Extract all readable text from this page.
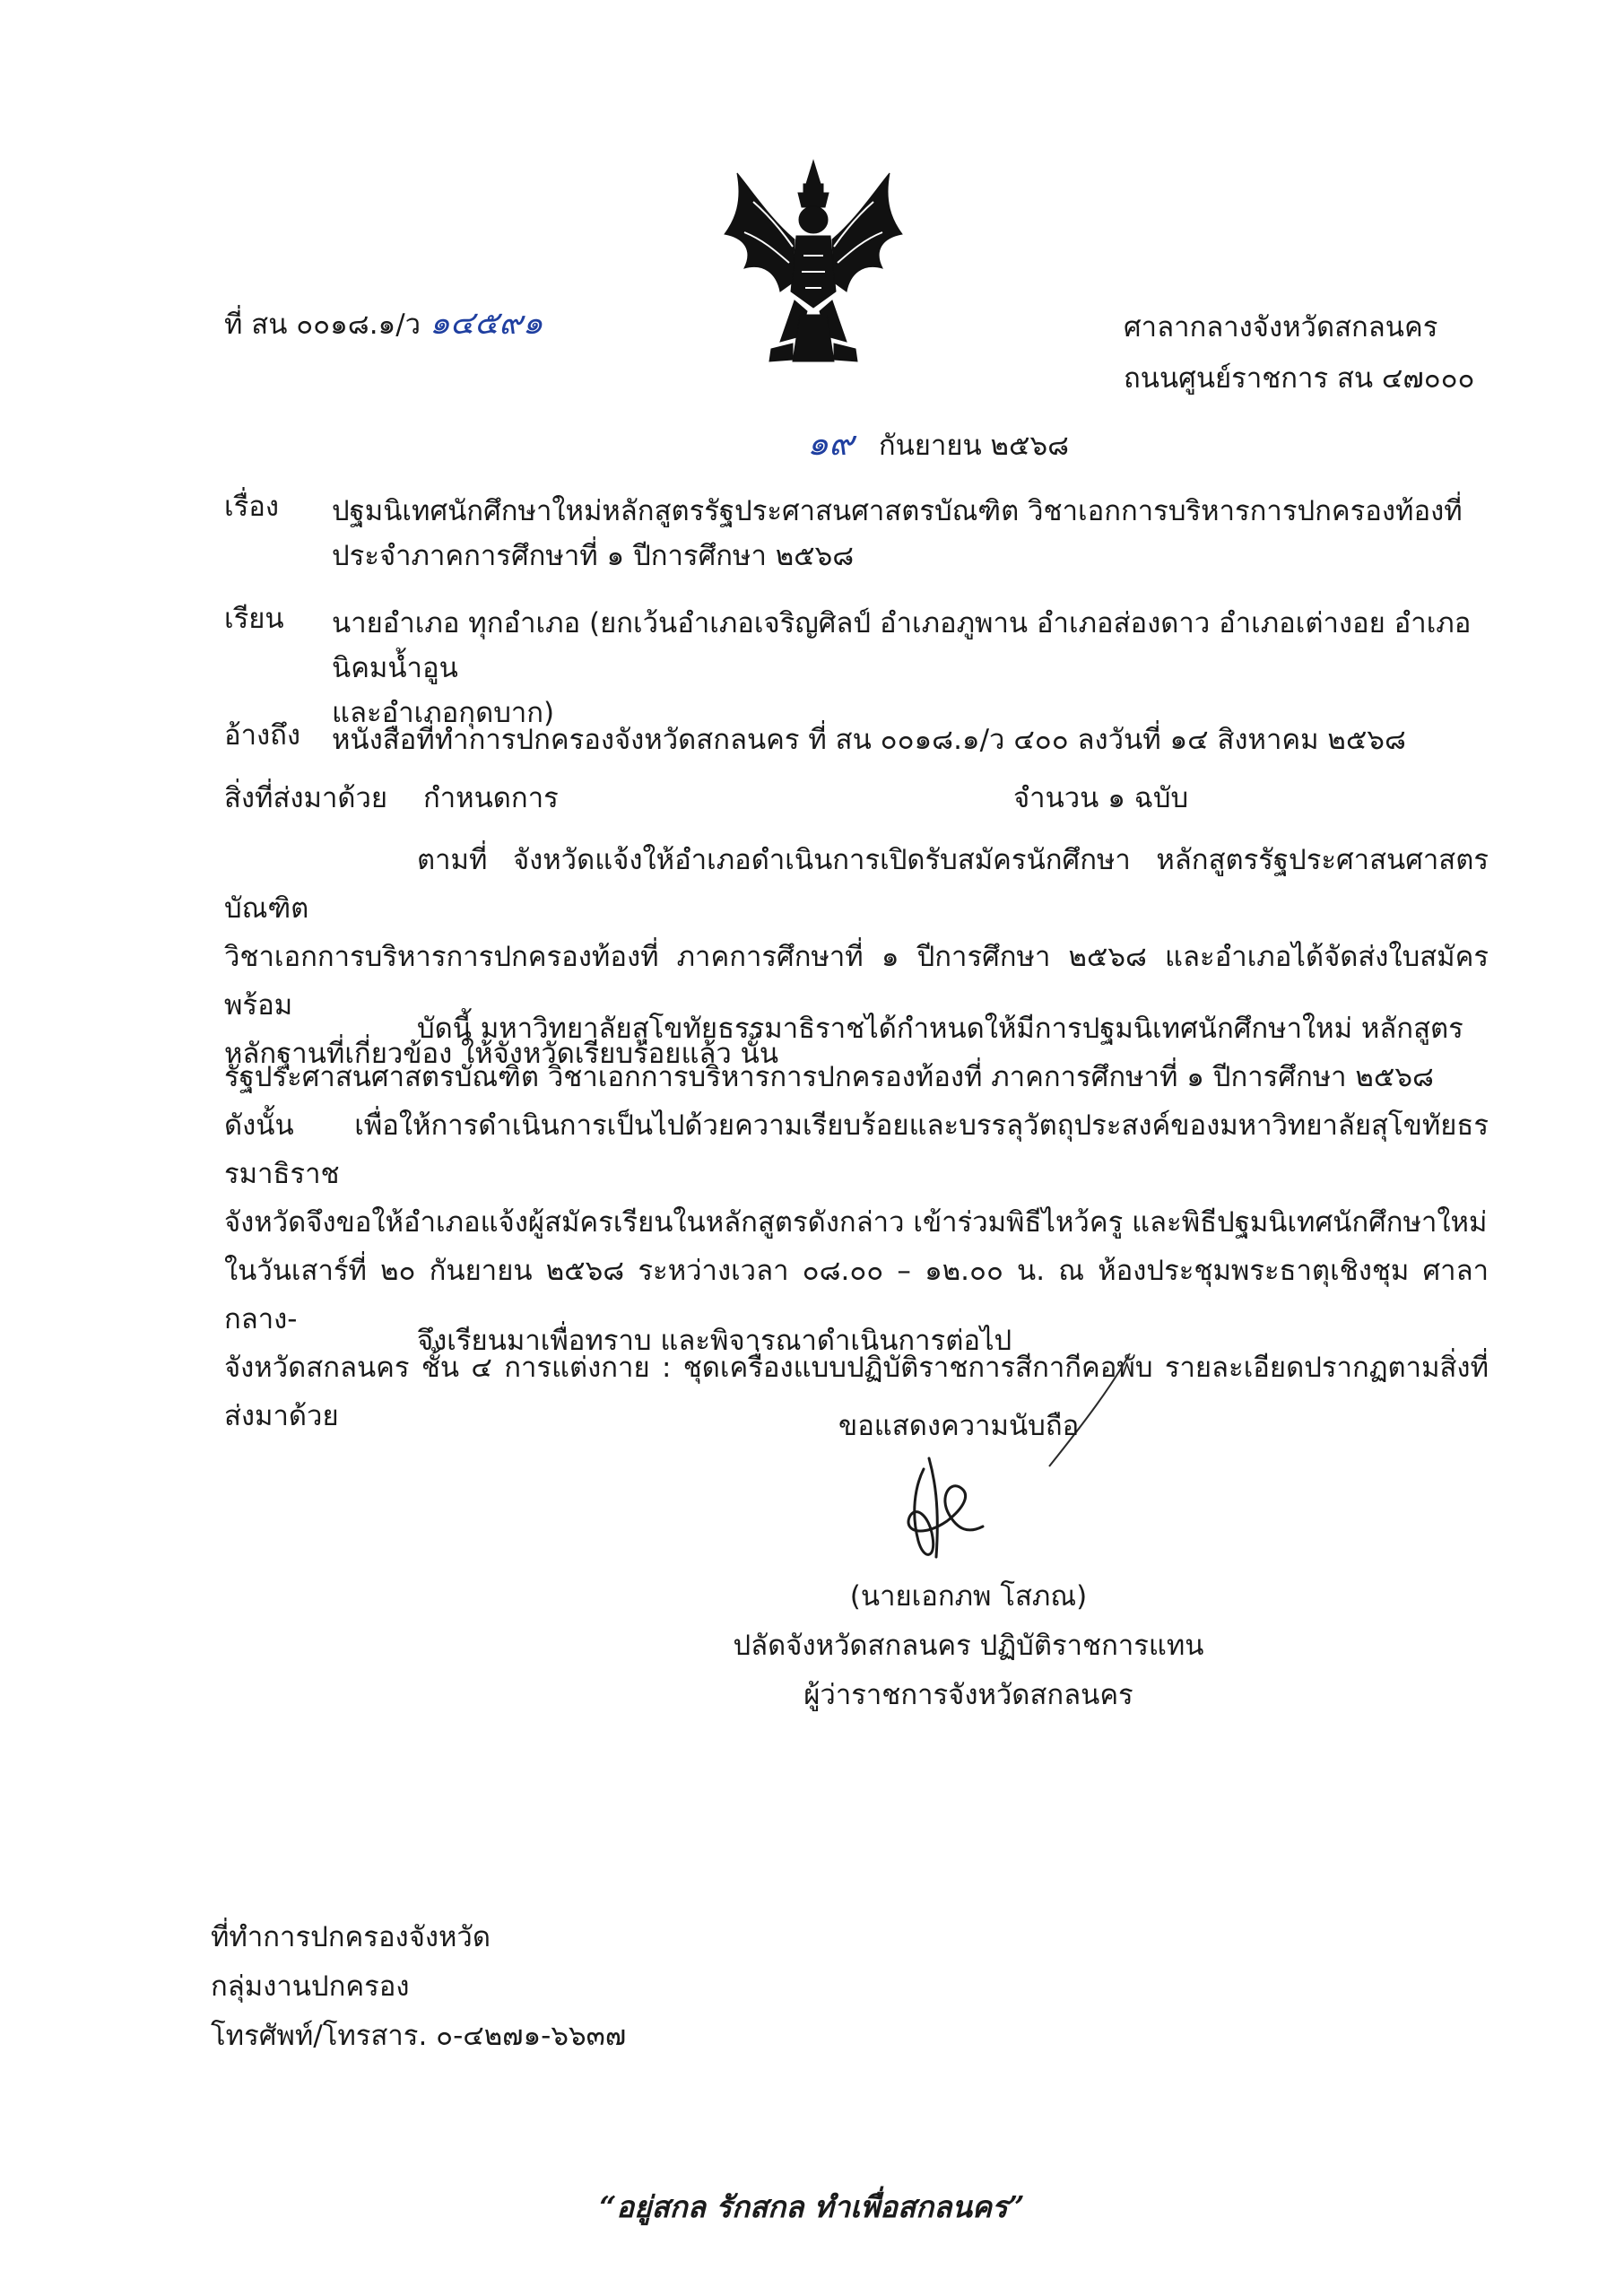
ที่ สน ๐๐๑๘.๑/ว ๑๔๕๙๑	ศาลากลางจังหวัดสกลนคร
ถนนศูนย์ราชการ สน ๔๗๐๐๐
๑๙ กันยายน ๒๕๖๘
เรื่อง	ปฐมนิเทศนักศึกษาใหม่หลักสูตรรัฐประศาสนศาสตรบัณฑิต วิชาเอกการบริหารการปกครองท้องที่
ประจำภาคการศึกษาที่ ๑ ปีการศึกษา ๒๕๖๘
เรียน	นายอำเภอ ทุกอำเภอ (ยกเว้นอำเภอเจริญศิลป์ อำเภอภูพาน อำเภอส่องดาว อำเภอเต่างอย อำเภอนิคมน้ำอูน
และอำเภอกุดบาก)
อ้างถึง	หนังสือที่ทำการปกครองจังหวัดสกลนคร ที่ สน ๐๐๑๘.๑/ว ๔๐๐ ลงวันที่ ๑๔ สิงหาคม ๒๕๖๘
สิ่งที่ส่งมาด้วย กำหนดการ	จำนวน ๑ ฉบับ
ตามที่ จังหวัดแจ้งให้อำเภอดำเนินการเปิดรับสมัครนักศึกษา หลักสูตรรัฐประศาสนศาสตรบัณฑิต
วิชาเอกการบริหารการปกครองท้องที่ ภาคการศึกษาที่ ๑ ปีการศึกษา ๒๕๖๘ และอำเภอได้จัดส่งใบสมัครพร้อม
หลักฐานที่เกี่ยวข้อง ให้จังหวัดเรียบร้อยแล้ว นั้น
บัดนี้ มหาวิทยาลัยสุโขทัยธรรมาธิราชได้กำหนดให้มีการปฐมนิเทศนักศึกษาใหม่ หลักสูตร
รัฐประศาสนศาสตรบัณฑิต วิชาเอกการบริหารการปกครองท้องที่ ภาคการศึกษาที่ ๑ ปีการศึกษา ๒๕๖๘
ดังนั้น เพื่อให้การดำเนินการเป็นไปด้วยความเรียบร้อยและบรรลุวัตถุประสงค์ของมหาวิทยาลัยสุโขทัยธรรมาธิราช
จังหวัดจึงขอให้อำเภอแจ้งผู้สมัครเรียนในหลักสูตรดังกล่าว เข้าร่วมพิธีไหว้ครู และพิธีปฐมนิเทศนักศึกษาใหม่
ในวันเสาร์ที่ ๒๐ กันยายน ๒๕๖๘ ระหว่างเวลา ๐๘.๐๐ – ๑๒.๐๐ น. ณ ห้องประชุมพระธาตุเชิงชุม ศาลากลาง-
จังหวัดสกลนคร ชั้น ๔ การแต่งกาย : ชุดเครื่องแบบปฏิบัติราชการสีกากีคอพับ รายละเอียดปรากฏตามสิ่งที่ส่งมาด้วย
จึงเรียนมาเพื่อทราบ และพิจารณาดำเนินการต่อไป
ขอแสดงความนับถือ
(นายเอกภพ โสภณ)
ปลัดจังหวัดสกลนคร ปฏิบัติราชการแทน
ผู้ว่าราชการจังหวัดสกลนคร
ที่ทำการปกครองจังหวัด
กลุ่มงานปกครอง
โทรศัพท์/โทรสาร. ๐-๔๒๗๑-๖๖๓๗
“อยู่สกล รักสกล ทำเพื่อสกลนคร”
